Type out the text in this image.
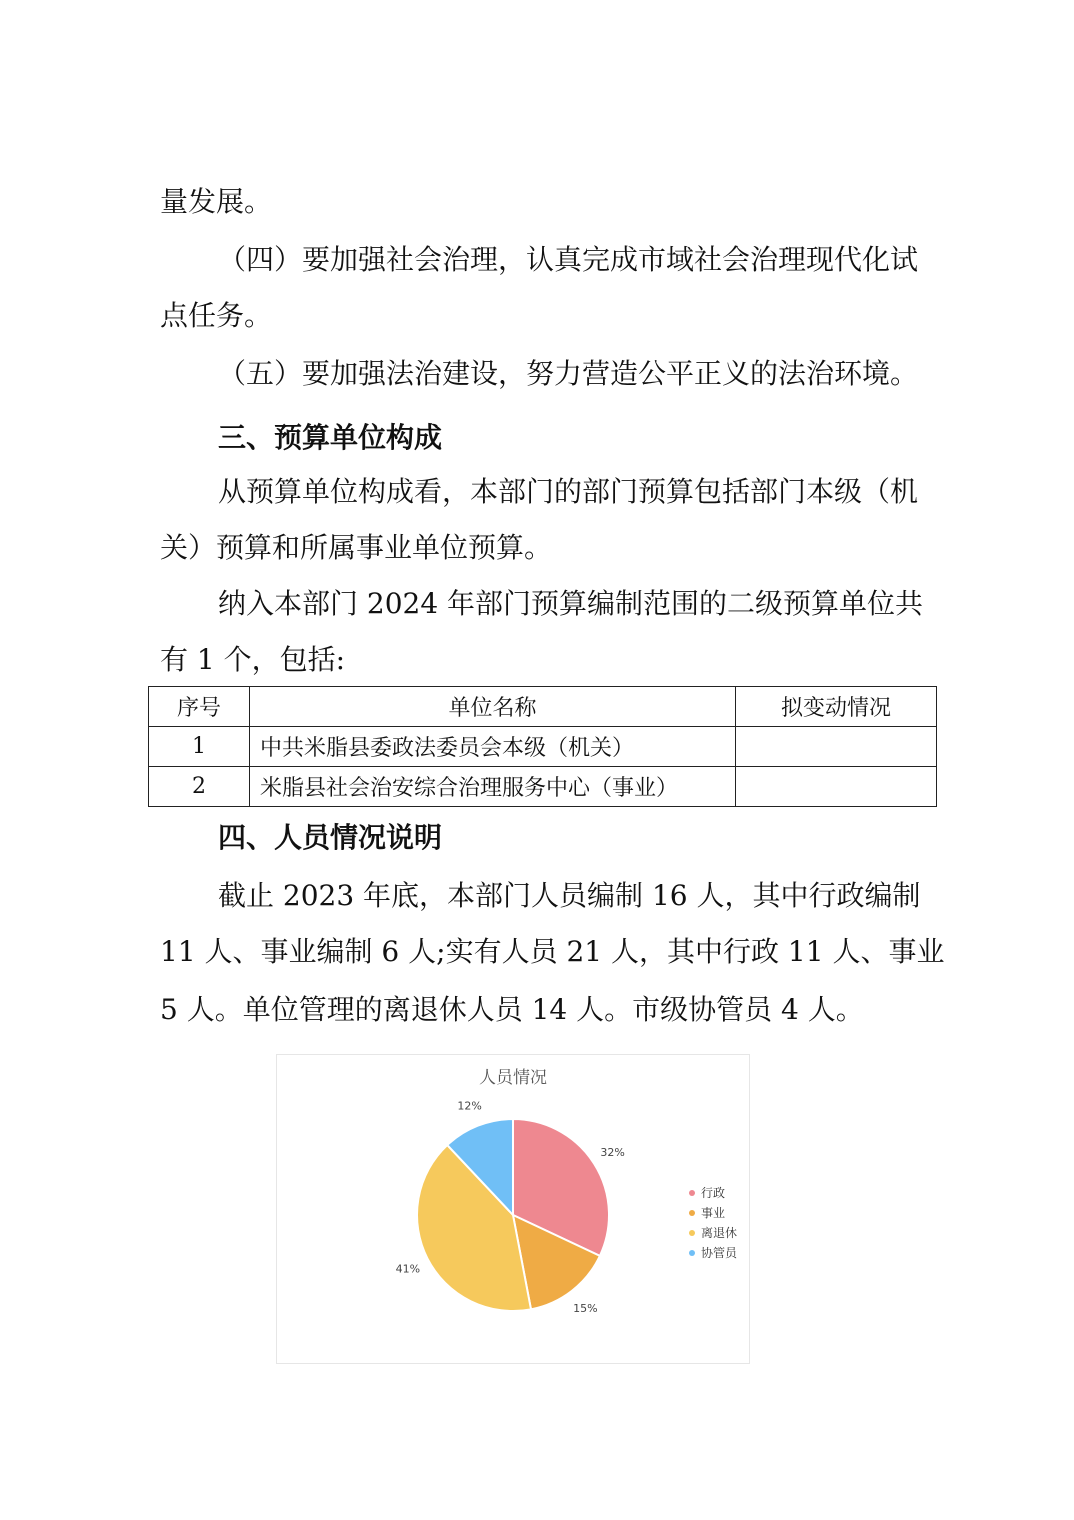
量发展。
（四）要加强社会治理，认真完成市域社会治理现代化试
点任务。
（五）要加强法治建设，努力营造公平正义的法治环境。
三、预算单位构成
从预算单位构成看，本部门的部门预算包括部门本级（机
关）预算和所属事业单位预算。
纳入本部门 2024 年部门预算编制范围的二级预算单位共
有 1 个，包括:
序号	单位名称	拟变动情况
1	中共米脂县委政法委员会本级（机关）	
2	米脂县社会治安综合治理服务中心（事业）	
四、人员情况说明
截止 2023 年底，本部门人员编制 16 人，其中行政编制
11 人、事业编制 6 人;实有人员 21 人，其中行政 11 人、事业
5 人。单位管理的离退休人员 14 人。市级协管员 4 人。
人员情况
32%
15%
41%
12%
行政
事业
离退休
协管员
